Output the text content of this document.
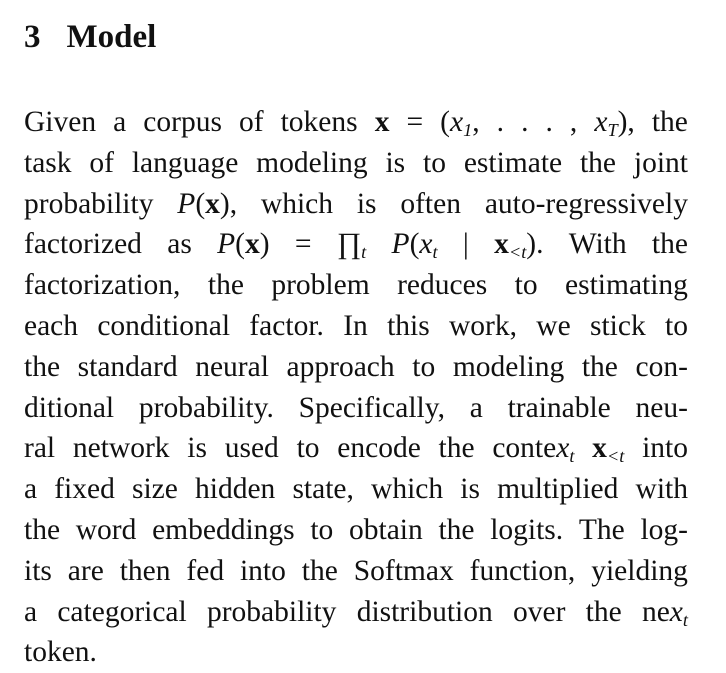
3 Model
Given a corpus of tokens $x = (x_1$, . . . , $x_T$), the
task of language modeling is to estimate the joint
probability P(x), which is often auto-regressively
factorized as $P(x) = \prod_t$ $P(x_t$ | $x_{<t}$). With the
factorization, the problem reduces to estimating
each conditional factor. In this work, we stick to
the standard neural approach to modeling the con-
ditional probability. Specifically, a trainable neu-
ral network is used to encode the contex$_t$ $x_{<t}$ into
a fixed size hidden state, which is multiplied with
the word embeddings to obtain the logits. The log-
its are then fed into the Softmax function, yielding
a categorical probability distribution over the nex$_t$
token.
